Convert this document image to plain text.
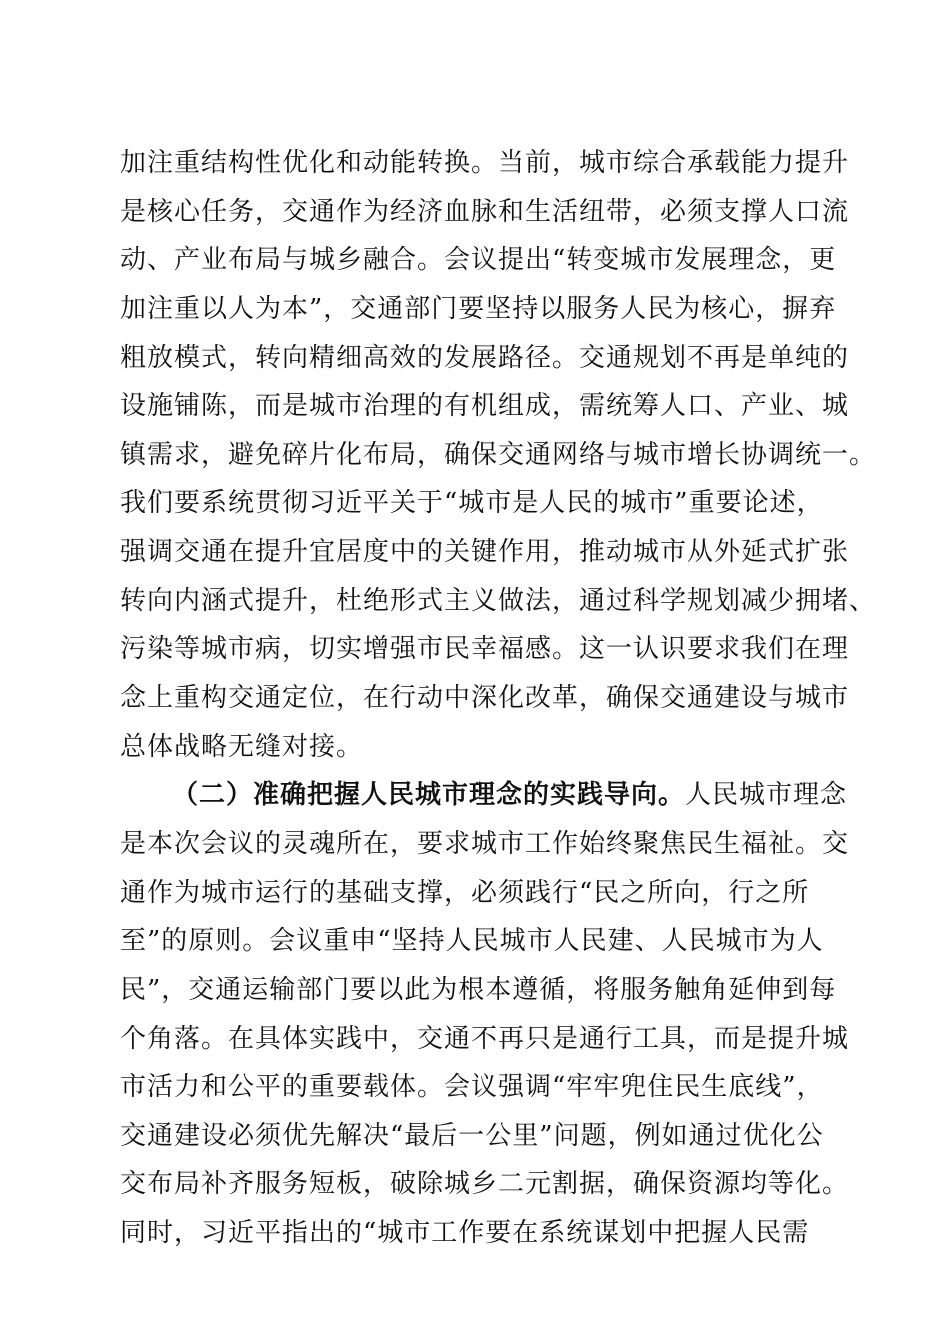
加注重结构性优化和动能转换。当前，城市综合承载能力提升
是核心任务，交通作为经济血脉和生活纽带，必须支撑人口流
动、产业布局与城乡融合。会议提出“转变城市发展理念，更
加注重以人为本”，交通部门要坚持以服务人民为核心，摒弃
粗放模式，转向精细高效的发展路径。交通规划不再是单纯的
设施铺陈，而是城市治理的有机组成，需统筹人口、产业、城
镇需求，避免碎片化布局，确保交通网络与城市增长协调统一。
我们要系统贯彻习近平关于“城市是人民的城市”重要论述，
强调交通在提升宜居度中的关键作用，推动城市从外延式扩张
转向内涵式提升，杜绝形式主义做法，通过科学规划减少拥堵、
污染等城市病，切实增强市民幸福感。这一认识要求我们在理
念上重构交通定位，在行动中深化改革，确保交通建设与城市
总体战略无缝对接。
（二）准确把握人民城市理念的实践导向。人民城市理念
是本次会议的灵魂所在，要求城市工作始终聚焦民生福祉。交
通作为城市运行的基础支撑，必须践行“民之所向，行之所
至”的原则。会议重申“坚持人民城市人民建、人民城市为人
民”，交通运输部门要以此为根本遵循，将服务触角延伸到每
个角落。在具体实践中，交通不再只是通行工具，而是提升城
市活力和公平的重要载体。会议强调“牢牢兜住民生底线”，
交通建设必须优先解决“最后一公里”问题，例如通过优化公
交布局补齐服务短板，破除城乡二元割据，确保资源均等化。
同时，习近平指出的“城市工作要在系统谋划中把握人民需
